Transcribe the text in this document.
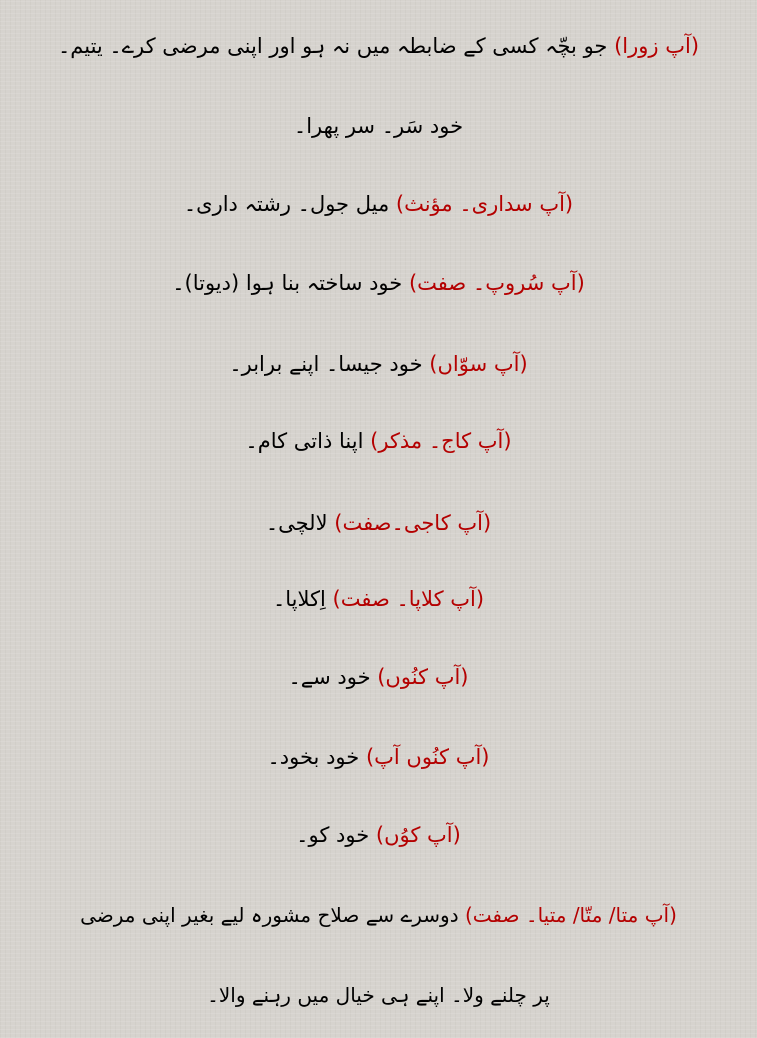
(آپ زورا) جو بچّہ کسی کے ضابطہ میں نہ ہو اور اپنی مرضی کرے۔ یتیم۔
خود سَر۔ سر پھرا۔
(آپ سداری۔ مؤنث) میل جول۔ رشتہ داری۔
(آپ سُروپ۔ صفت) خود ساختہ بنا ہوا (دیوتا)۔
(آپ سوّاں) خود جیسا۔ اپنے برابر۔
(آپ کاج۔ مذکر) اپنا ذاتی کام۔
(آپ کاجی۔صفت) لالچی۔
(آپ کلاپا۔ صفت) اِکلاپا۔
(آپ کنُوں) خود سے۔
(آپ کنُوں آپ) خود بخود۔
(آپ کوُں) خود کو۔
(آپ متا/ متّا/ متیا۔ صفت) دوسرے سے صلاح مشورہ لیے بغیر اپنی مرضی
پر چلنے ولا۔ اپنے ہی خیال میں رہنے والا۔
